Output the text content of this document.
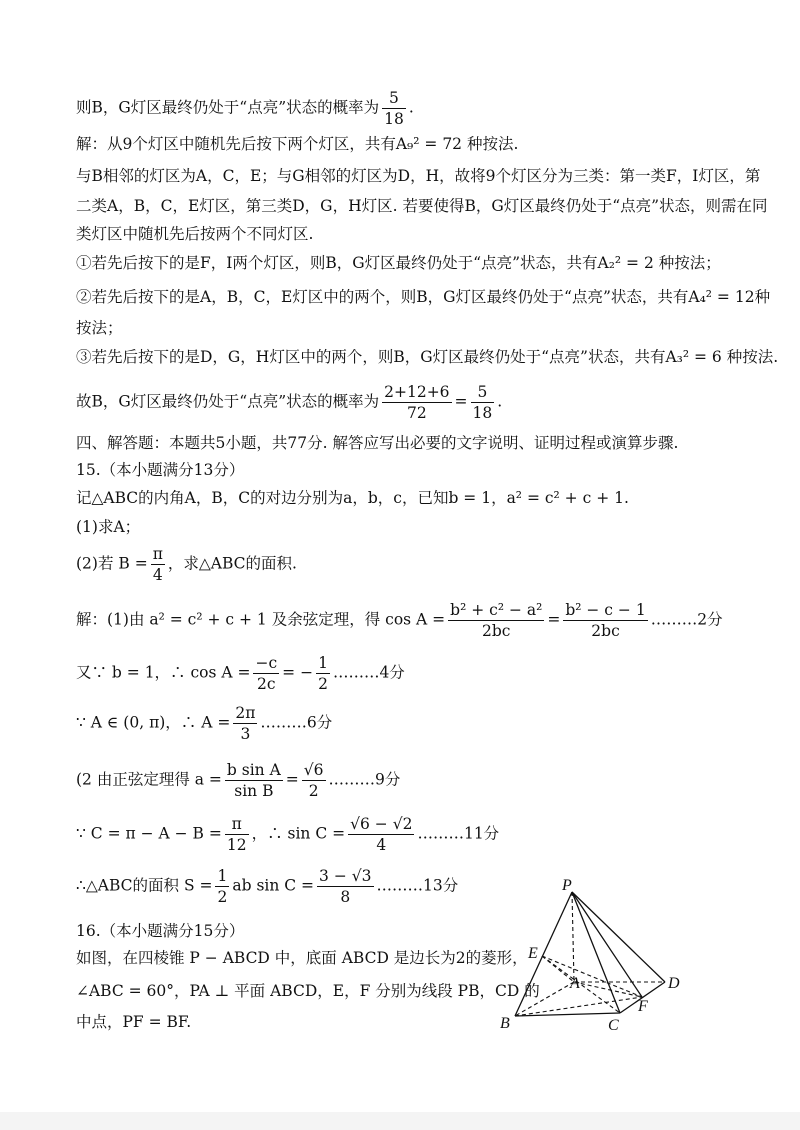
则B，G灯区最终仍处于“点亮”状态的概率为 $\frac{5}{18}$ .
解：从9个灯区中随机先后按下两个灯区，共有A₉² = 72 种按法.
与B相邻的灯区为A，C，E；与G相邻的灯区为D，H，故将9个灯区分为三类：第一类F，I灯区，第
二类A，B，C，E灯区，第三类D，G，H灯区. 若要使得B，G灯区最终仍处于“点亮”状态，则需在同
类灯区中随机先后按两个不同灯区.
①若先后按下的是F，I两个灯区，则B，G灯区最终仍处于“点亮”状态，共有A₂² = 2 种按法；
②若先后按下的是A，B，C，E灯区中的两个，则B，G灯区最终仍处于“点亮”状态，共有A₄² = 12种
按法；
③若先后按下的是D，G，H灯区中的两个，则B，G灯区最终仍处于“点亮”状态，共有A₃² = 6 种按法.
故B，G灯区最终仍处于“点亮”状态的概率为 $\frac{2+12+6}{72} = \frac{5}{18}$ .
四、解答题：本题共5小题，共77分. 解答应写出必要的文字说明、证明过程或演算步骤.
15.（本小题满分13分）
记△ABC的内角A，B，C的对边分别为a，b，c，已知b = 1，a² = c² + c + 1.
(1)求A；
(2)若 $B = \frac{\pi}{4}$ ，求△ABC的面积.
解：(1)由 a² = c² + c + 1 及余弦定理，得 $\cos A = \frac{\text{b² + c² − a²}}{2bc} = \frac{\text{b² − c − 1}}{2bc}$ ………2分
又∵ b = 1，∴ $\cos A = \frac{-c}{2c}$ = − $\frac{1}{2}$ ………4分
∵ A ∈ (0, π)，∴ $A = \frac{2\pi}{3}$ ………6分
(2 由正弦定理得 $a = \frac{\text{b sin A}}{\text{sin B}} = \frac{√6}{2}$ ………9分
∵ $C = \pi - A - B = \frac{\pi}{12}$ ，∴ $\sin C = \frac{√6 - √2}{4}$ ………11分
∴△ABC的面积 $S = \frac{1}{2}$ ab $\sin C = \frac{3 - √3}{8}$ ………13分
16.（本小题满分15分）
如图，在四棱锥 P − ABCD 中，底面 ABCD 是边长为2的菱形，
∠ABC = 60°，PA ⊥ 平面 ABCD，E，F 分别为线段 PB，CD 的
中点，PF = BF.
P
E
A	D
F
B	C
